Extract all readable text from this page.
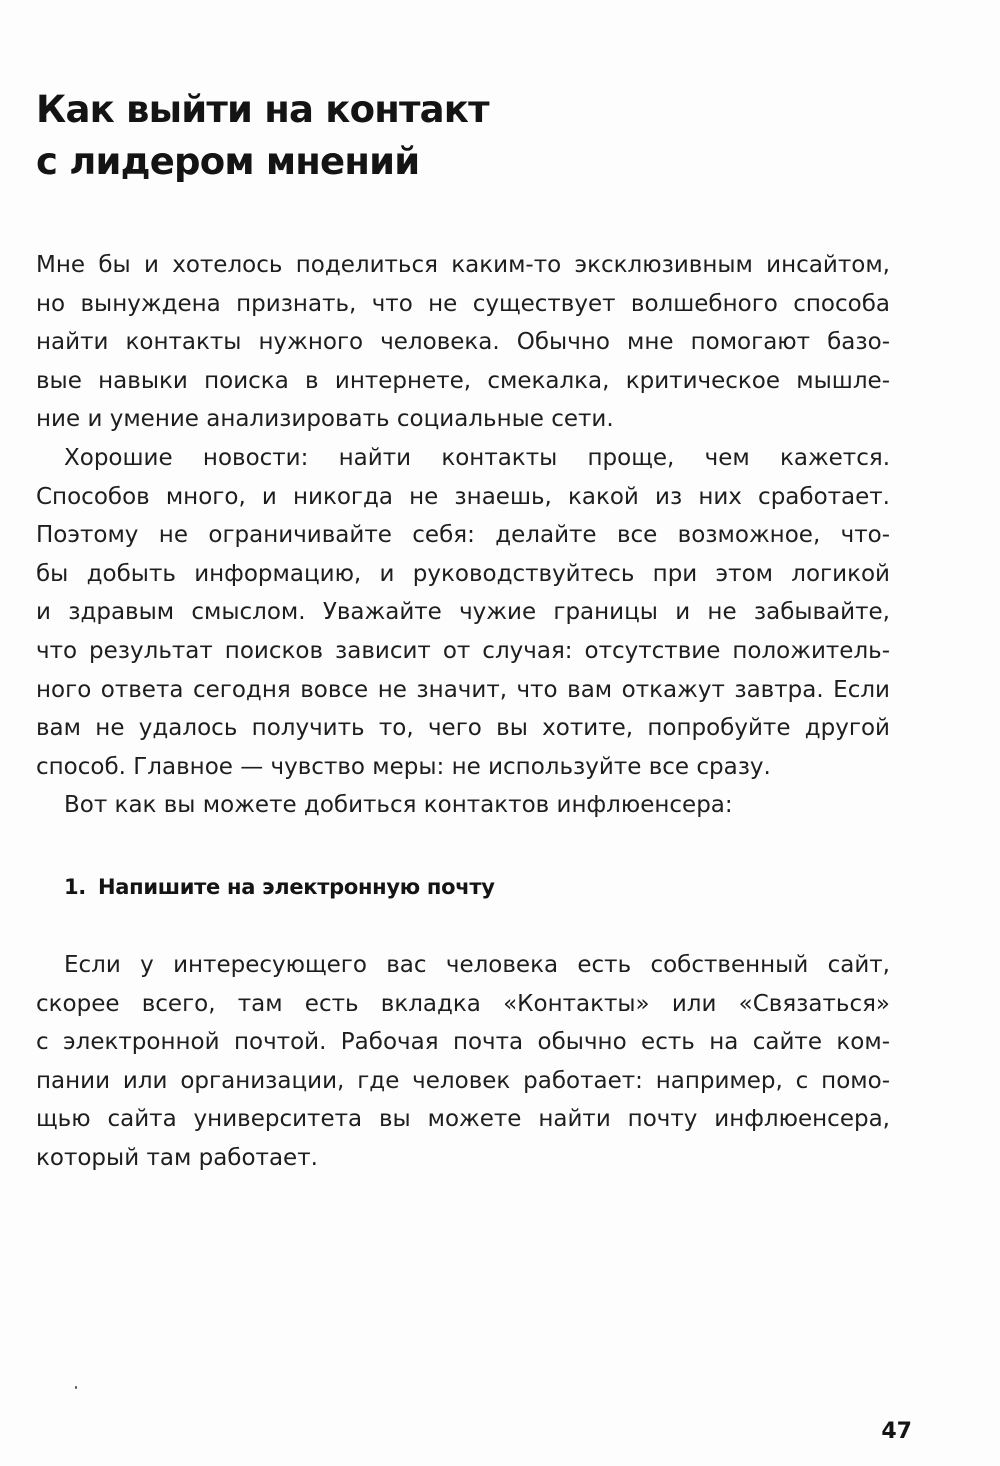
Как выйти на контакт
с лидером мнений

Мне бы и хотелось поделиться каким-то эксклюзивным инсайтом,
но вынуждена признать, что не существует волшебного способа
найти контакты нужного человека. Обычно мне помогают базо-
вые навыки поиска в интернете, смекалка, критическое мышле-
ние и умение анализировать социальные сети.

Хорошие новости: найти контакты проще, чем кажется.
Способов много, и никогда не знаешь, какой из них сработает.
Поэтому не ограничивайте себя: делайте все возможное, что-
бы добыть информацию, и руководствуйтесь при этом логикой
и здравым смыслом. Уважайте чужие границы и не забывайте,
что результат поисков зависит от случая: отсутствие положитель-
ного ответа сегодня вовсе не значит, что вам откажут завтра. Если
вам не удалось получить то, чего вы хотите, попробуйте другой
способ. Главное — чувство меры: не используйте все сразу.

Вот как вы можете добиться контактов инфлюенсера:

1. Напишите на электронную почту

Если у интересующего вас человека есть собственный сайт,
скорее всего, там есть вкладка «Контакты» или «Связаться»
с электронной почтой. Рабочая почта обычно есть на сайте ком-
пании или организации, где человек работает: например, с помо-
щью сайта университета вы можете найти почту инфлюенсера,
который там работает.

47
